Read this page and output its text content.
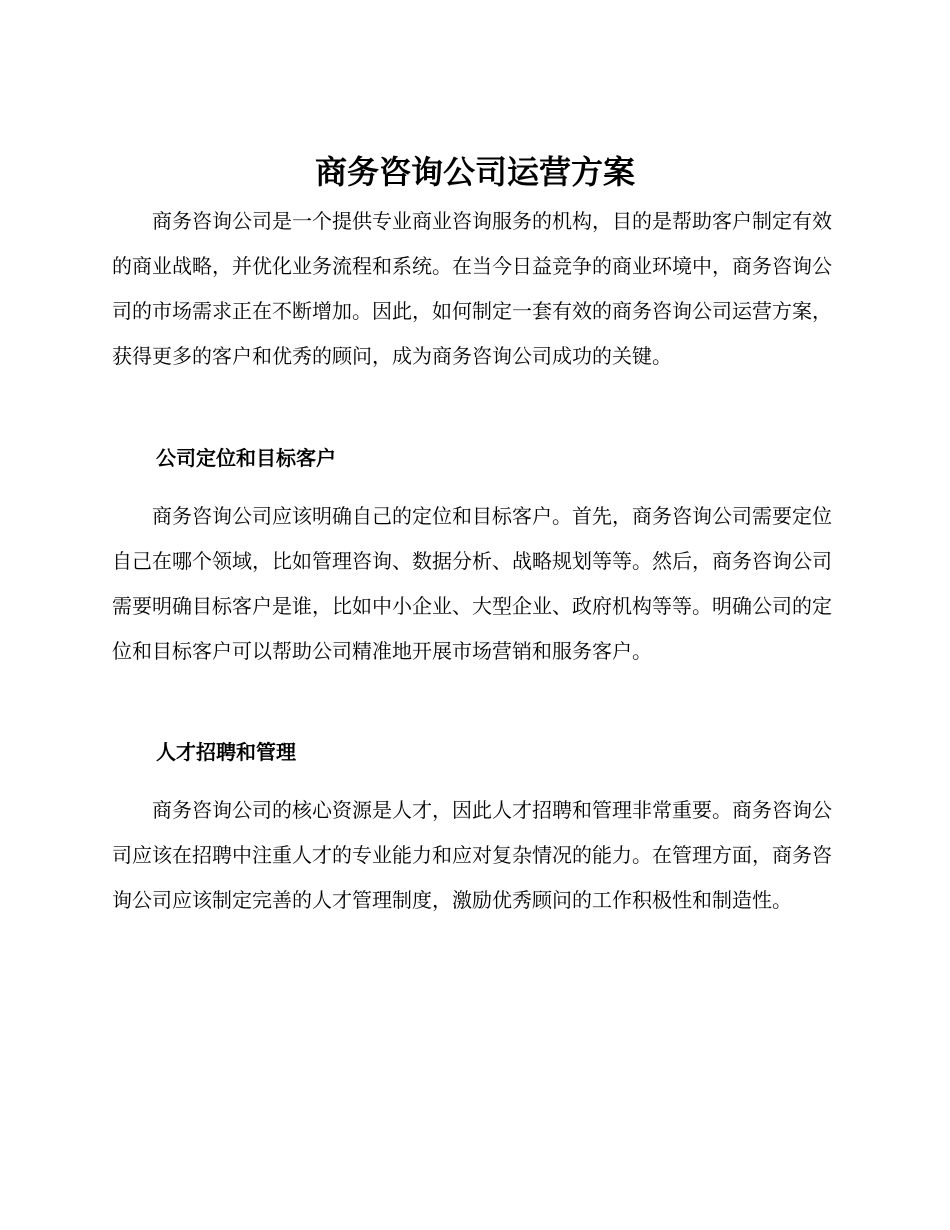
商务咨询公司运营方案

商务咨询公司是一个提供专业商业咨询服务的机构，目的是帮助客户制定有效的商业战略，并优化业务流程和系统。在当今日益竞争的商业环境中，商务咨询公司的市场需求正在不断增加。因此，如何制定一套有效的商务咨询公司运营方案，获得更多的客户和优秀的顾问，成为商务咨询公司成功的关键。

公司定位和目标客户

商务咨询公司应该明确自己的定位和目标客户。首先，商务咨询公司需要定位自己在哪个领域，比如管理咨询、数据分析、战略规划等等。然后，商务咨询公司需要明确目标客户是谁，比如中小企业、大型企业、政府机构等等。明确公司的定位和目标客户可以帮助公司精准地开展市场营销和服务客户。

人才招聘和管理

商务咨询公司的核心资源是人才，因此人才招聘和管理非常重要。商务咨询公司应该在招聘中注重人才的专业能力和应对复杂情况的能力。在管理方面，商务咨询公司应该制定完善的人才管理制度，激励优秀顾问的工作积极性和制造性。
